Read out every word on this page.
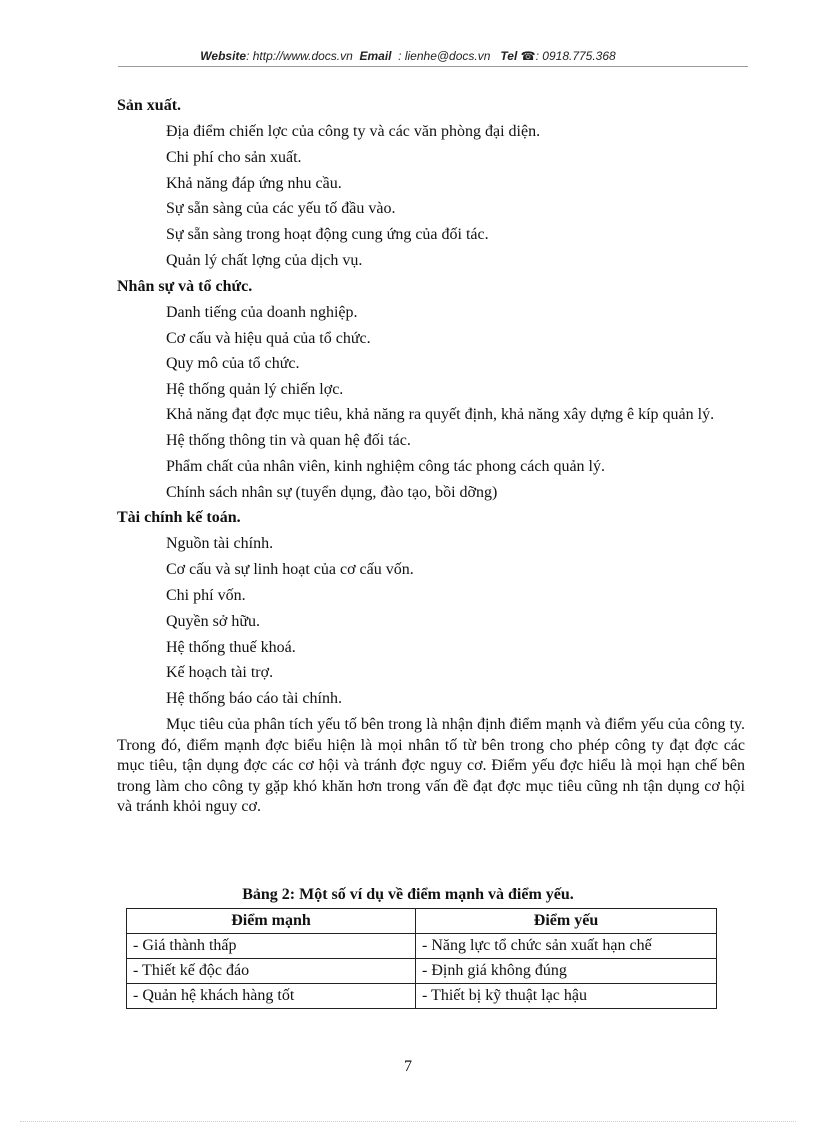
Website: http://www.docs.vn Email : lienhe@docs.vn Tel ☎: 0918.775.368
Sản xuất.
Địa điểm chiến lợc của công ty và các văn phòng đại diện.
Chi phí cho sản xuất.
Khả năng đáp ứng nhu cầu.
Sự sẵn sàng của các yếu tố đầu vào.
Sự sẵn sàng trong hoạt động cung ứng của đối tác.
Quản lý chất lợng của dịch vụ.
Nhân sự và tổ chức.
Danh tiếng của doanh nghiệp.
Cơ cấu và hiệu quả của tổ chức.
Quy mô của tổ chức.
Hệ thống quản lý chiến lợc.
Khả năng đạt đợc mục tiêu, khả năng ra quyết định, khả năng xây dựng ê kíp quản lý.
Hệ thống thông tin và quan hệ đối tác.
Phẩm chất của nhân viên, kinh nghiệm công tác phong cách quản lý.
Chính sách nhân sự (tuyển dụng, đào tạo, bồi dỡng)
Tài chính kế toán.
Nguồn tài chính.
Cơ cấu và sự linh hoạt của cơ cấu vốn.
Chi phí vốn.
Quyền sở hữu.
Hệ thống thuế khoá.
Kế hoạch tài trợ.
Hệ thống báo cáo tài chính.
Mục tiêu của phân tích yếu tố bên trong là nhận định điểm mạnh và điểm yếu của công ty. Trong đó, điểm mạnh đợc biểu hiện là mọi nhân tố từ bên trong cho phép công ty đạt đợc các mục tiêu, tận dụng đợc các cơ hội và tránh đợc nguy cơ. Điểm yếu đợc hiểu là mọi hạn chế bên trong làm cho công ty gặp khó khăn hơn trong vấn đề đạt đợc mục tiêu cũng nh tận dụng cơ hội và tránh khỏi nguy cơ.
Bảng 2: Một số ví dụ về điểm mạnh và điểm yếu.
Điểm mạnh	Điểm yếu
- Giá thành thấp	- Năng lực tổ chức sản xuất hạn chế
- Thiết kế độc đáo	- Định giá không đúng
- Quản hệ khách hàng tốt	- Thiết bị kỹ thuật lạc hậu
7
